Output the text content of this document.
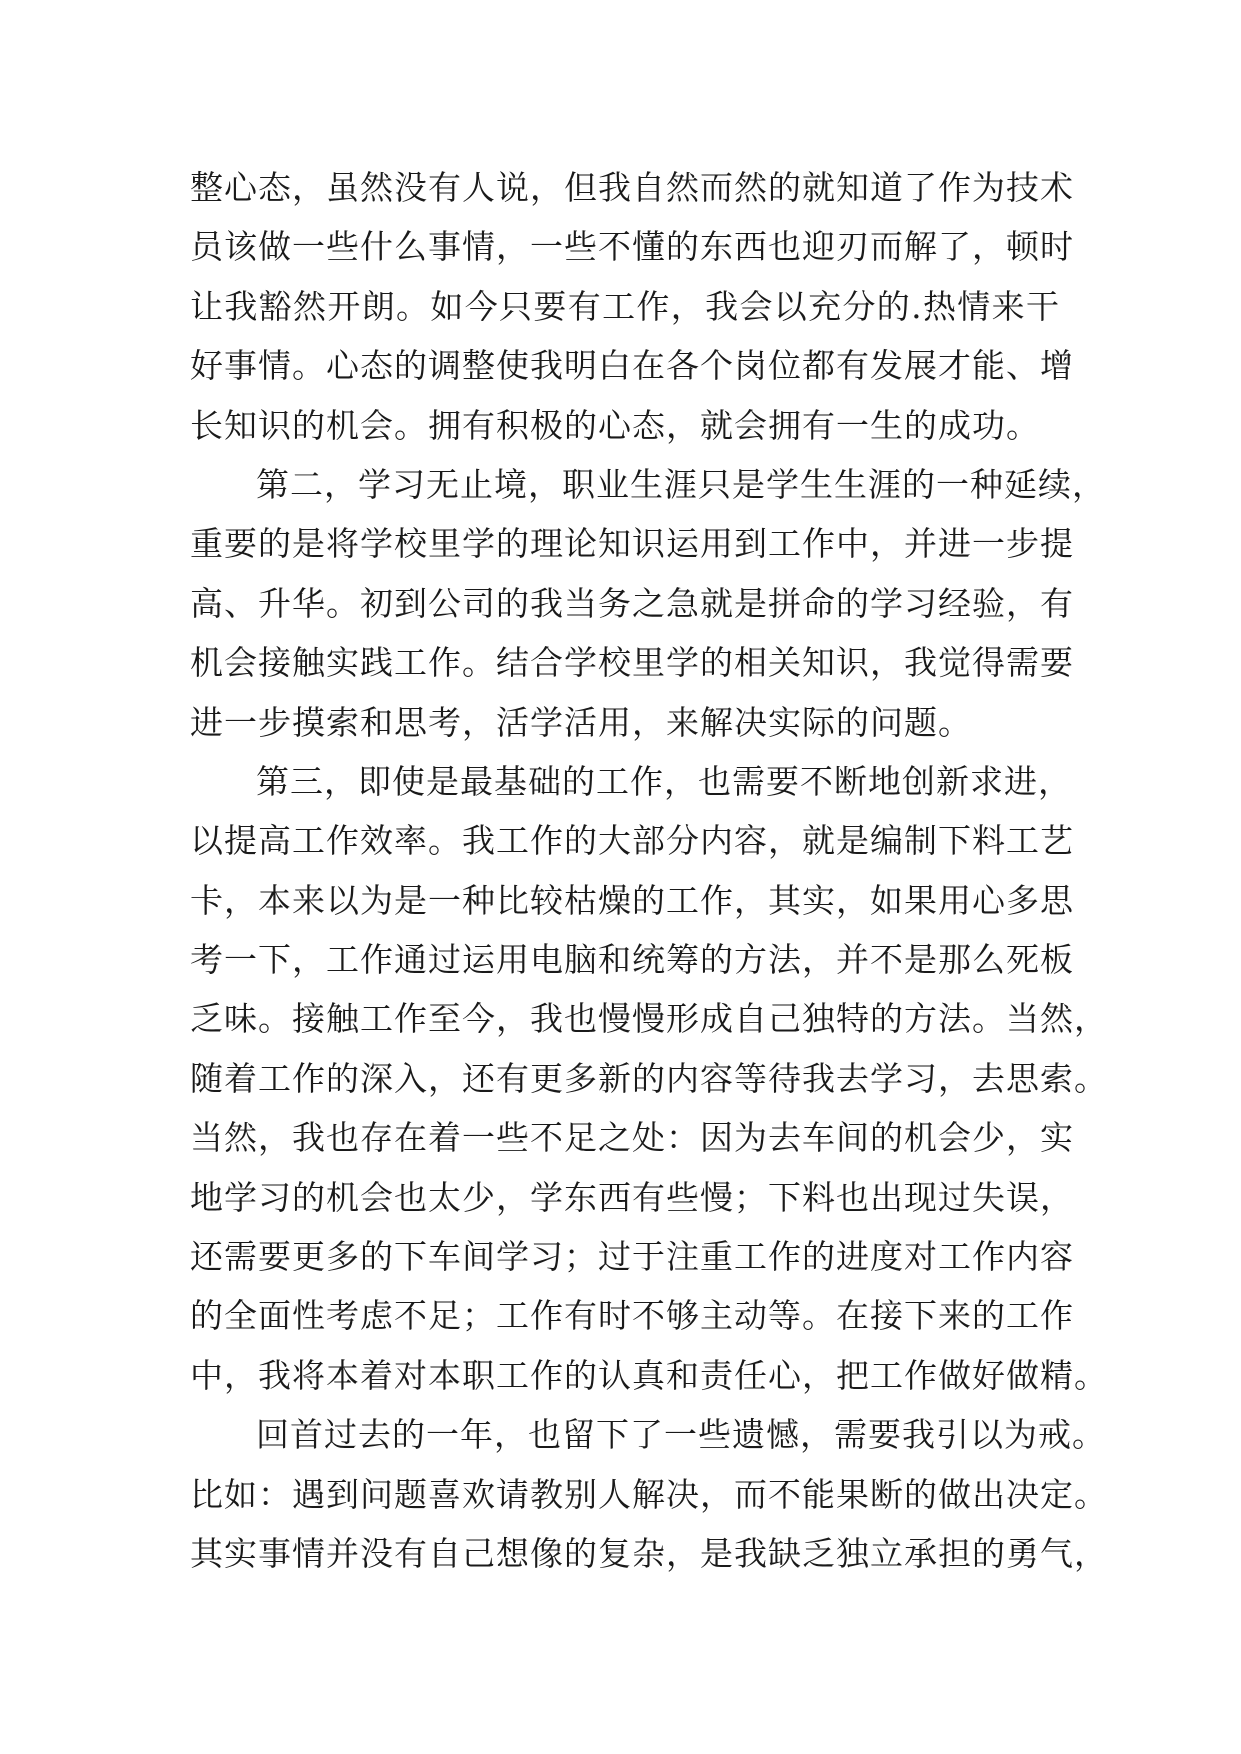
整心态，虽然没有人说，但我自然而然的就知道了作为技术
员该做一些什么事情，一些不懂的东西也迎刃而解了，顿时
让我豁然开朗。如今只要有工作，我会以充分的.热情来干
好事情。心态的调整使我明白在各个岗位都有发展才能、增
长知识的机会。拥有积极的心态，就会拥有一生的成功。
第二，学习无止境，职业生涯只是学生生涯的一种延续，
重要的是将学校里学的理论知识运用到工作中，并进一步提
高、升华。初到公司的我当务之急就是拼命的学习经验，有
机会接触实践工作。结合学校里学的相关知识，我觉得需要
进一步摸索和思考，活学活用，来解决实际的问题。
第三，即使是最基础的工作，也需要不断地创新求进，
以提高工作效率。我工作的大部分内容，就是编制下料工艺
卡，本来以为是一种比较枯燥的工作，其实，如果用心多思
考一下，工作通过运用电脑和统筹的方法，并不是那么死板
乏味。接触工作至今，我也慢慢形成自己独特的方法。当然，
随着工作的深入，还有更多新的内容等待我去学习，去思索。
当然，我也存在着一些不足之处：因为去车间的机会少，实
地学习的机会也太少，学东西有些慢；下料也出现过失误，
还需要更多的下车间学习；过于注重工作的进度对工作内容
的全面性考虑不足；工作有时不够主动等。在接下来的工作
中，我将本着对本职工作的认真和责任心，把工作做好做精。
回首过去的一年，也留下了一些遗憾，需要我引以为戒。
比如：遇到问题喜欢请教别人解决，而不能果断的做出决定。
其实事情并没有自己想像的复杂，是我缺乏独立承担的勇气，
